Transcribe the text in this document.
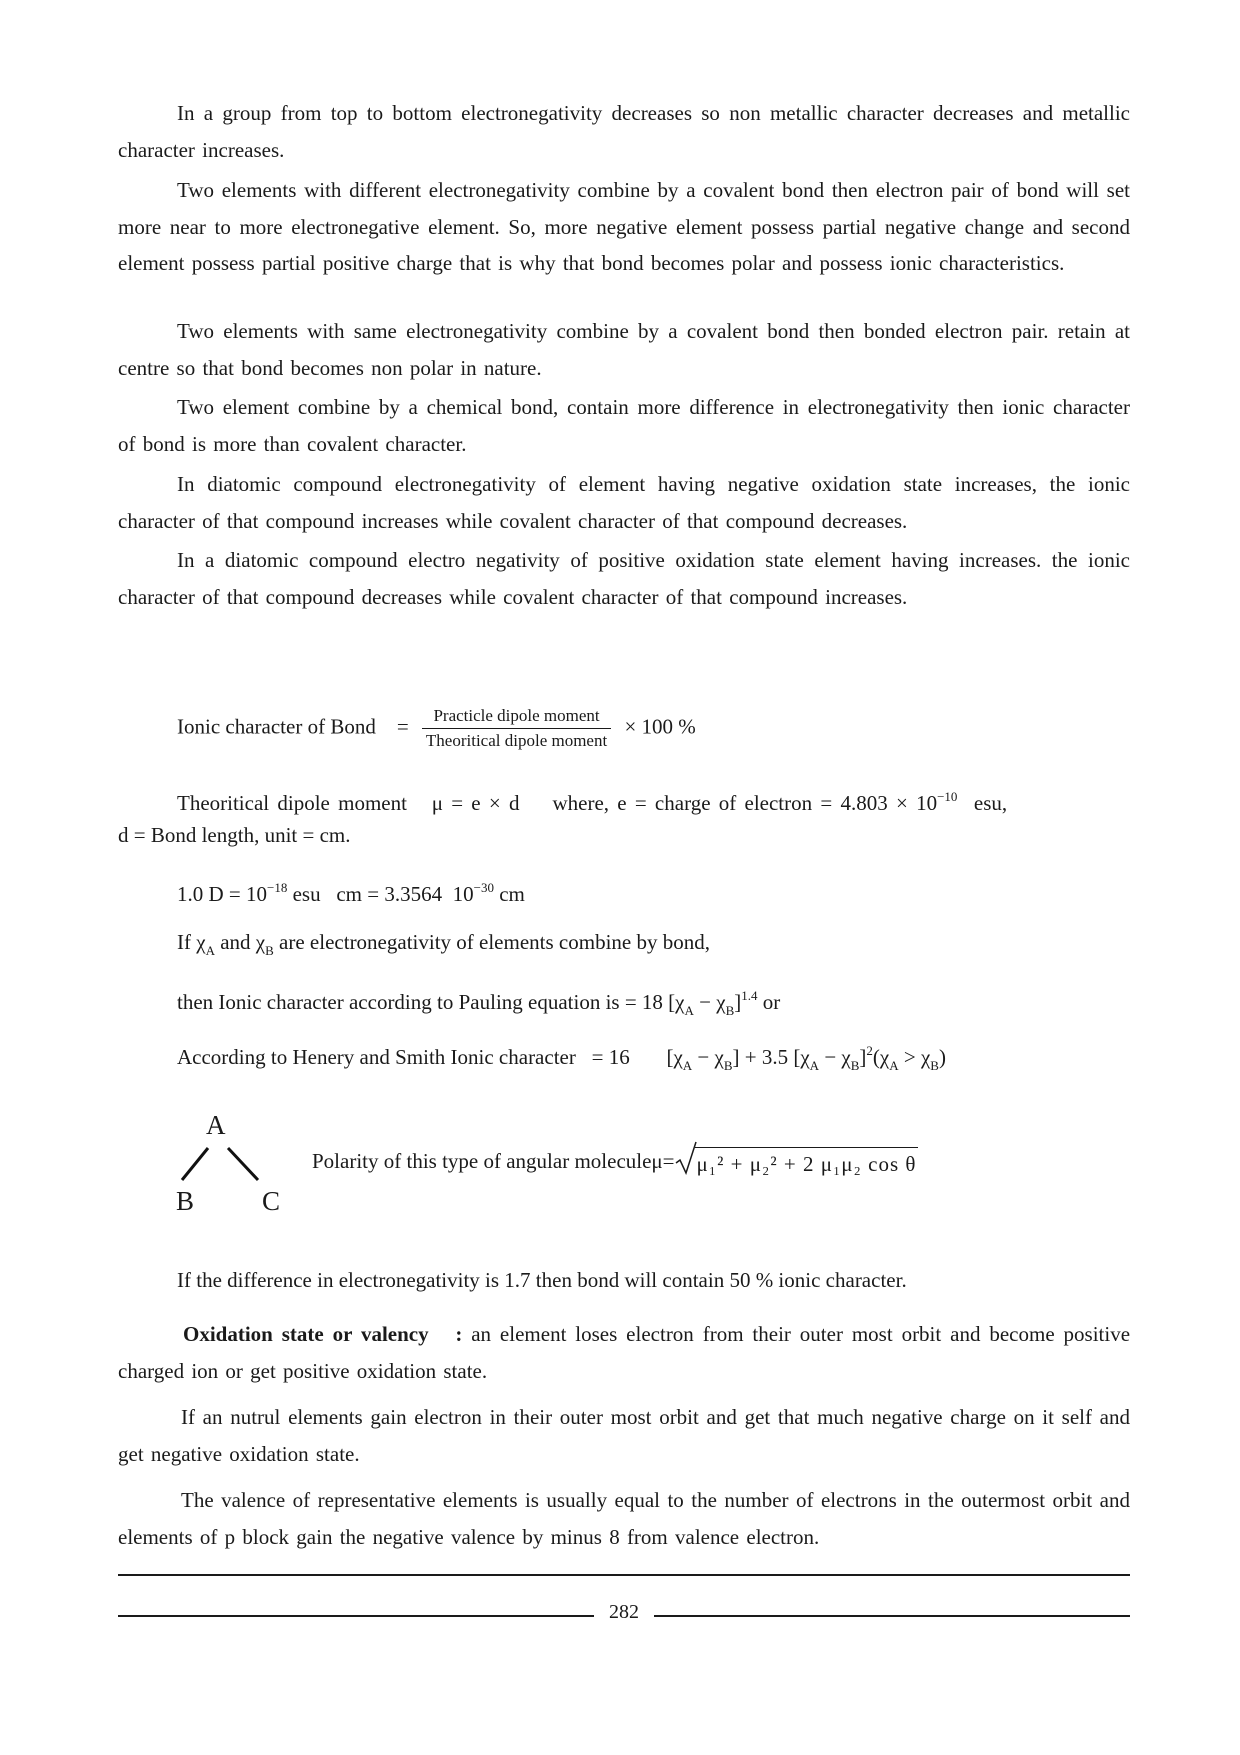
In a group from top to bottom electronegativity decreases so non metallic character decreases and metallic character increases.

Two elements with different electronegativity combine by a covalent bond then electron pair of bond will set more near to more electronegative element. So, more negative element possess partial negative change and second element possess partial positive charge that is why that bond becomes polar and possess ionic characteristics.

Two elements with same electronegativity combine by a covalent bond then bonded electron pair. retain at centre so that bond becomes non polar in nature.

Two element combine by a chemical bond, contain more difference in electronegativity then ionic character of bond is more than covalent character.

In diatomic compound electronegativity of element having negative oxidation state increases, the ionic character of that compound increases while covalent character of that compound decreases.

In a diatomic compound electro negativity of positive oxidation state element having increases. the ionic character of that compound decreases while covalent character of that compound increases.

Ionic character of Bond = $\frac{\text{Practicle dipole moment}}{\text{Theoritical dipole moment}} \times 100$ %
Theoritical dipole moment μ = e × d where, e = charge of electron = $4.803 \times 10^{-10}$ esu,
d = Bond length, unit = cm.
1.0 $D = 10^{-18}$ esu   cm = 3.3564  $10^{-30}$ cm
If $\chi_A$ and $\chi_B$ are electronegativity of elements combine by bond,
then Ionic character according to Pauling equation is = 18 $[\chi_A - \chi_B]^{1.4}$ or
According to Henery and Smith Ionic character = 16 $[\chi_A - \chi_B] + 3.5$ $[\chi_A - \chi_B]^2(\chi_A > \chi_B)$
A
B	C
Polarity of this type of angular moleculeμ= μ₁² + μ₂² + 2 μ₁μ₂ cos θ
If the difference in electronegativity is 1.7 then bond will contain 50 % ionic character.

Oxidation state or valency : an element loses electron from their outer most orbit and become positive charged ion or get positive oxidation state.

If an nutrul elements gain electron in their outer most orbit and get that much negative charge on it self and get negative oxidation state.

The valence of representative elements is usually equal to the number of electrons in the outermost orbit and elements of p block gain the negative valence by minus 8 from valence electron.

282
